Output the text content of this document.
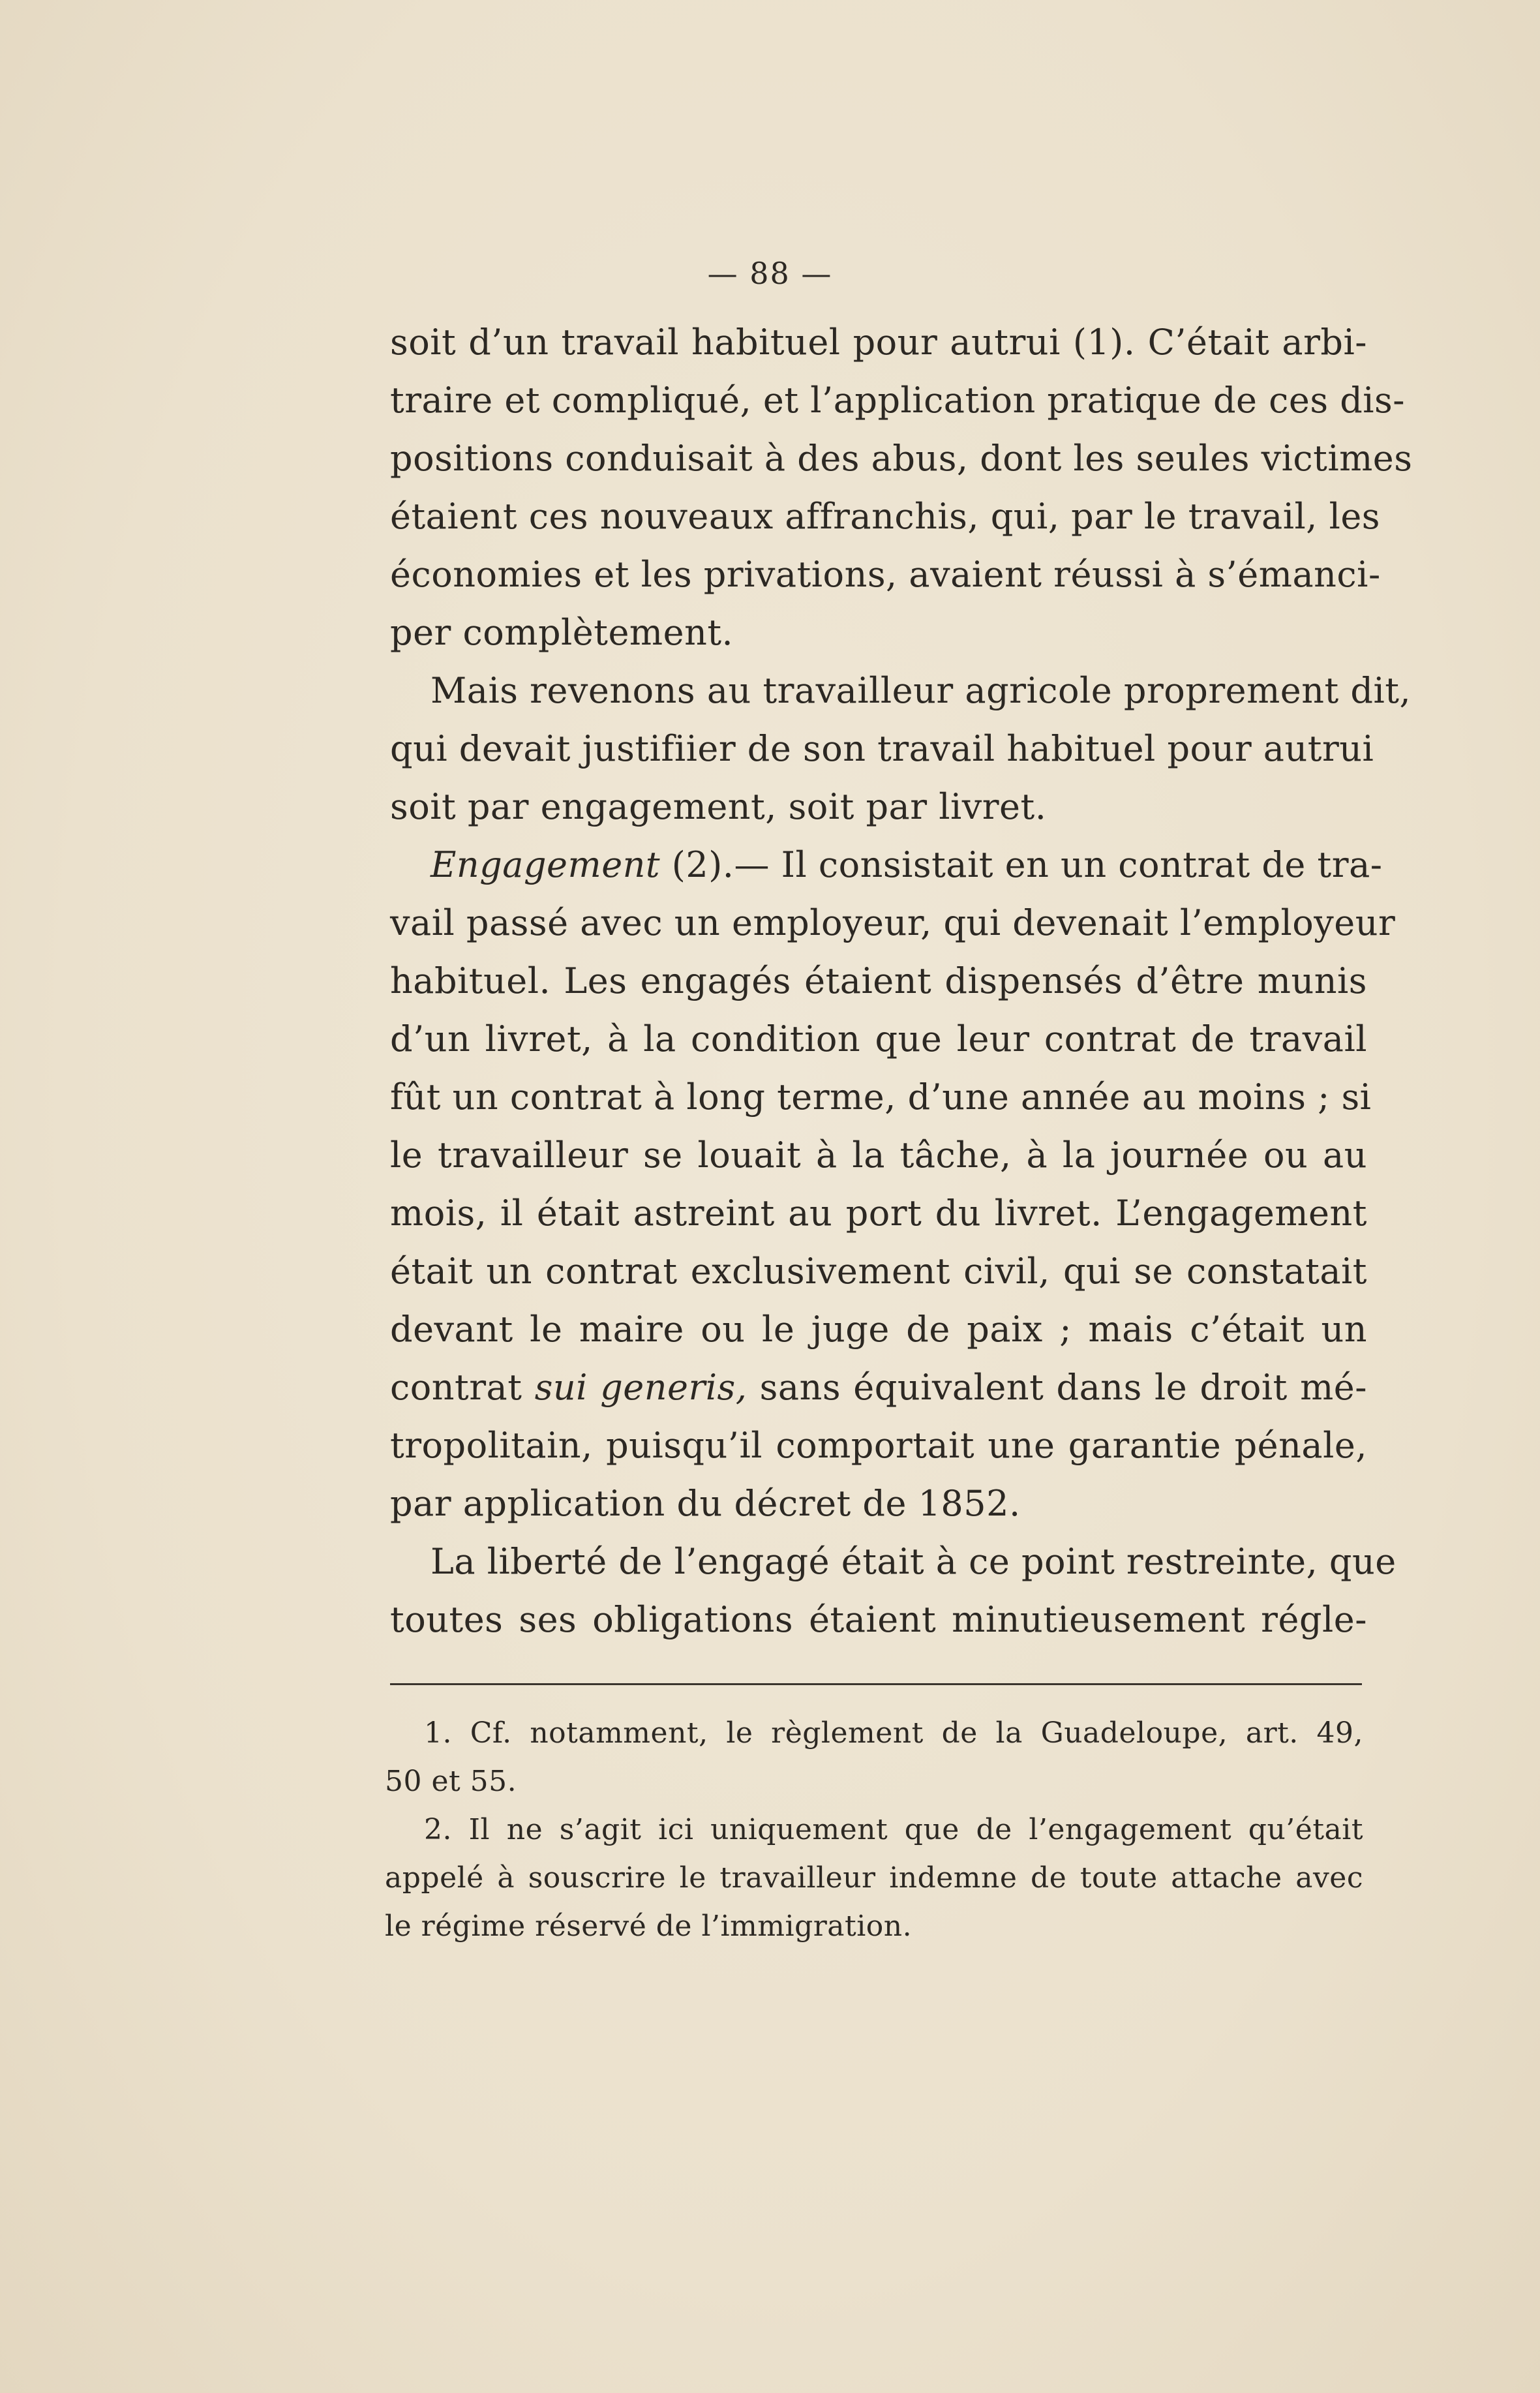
— 88 —
soit d’un travail habituel pour autrui (1). C’était arbi-
traire et compliqué, et l’application pratique de ces dis-
positions conduisait à des abus, dont les seules victimes
étaient ces nouveaux affranchis, qui, par le travail, les
économies et les privations, avaient réussi à s’émanci-
per complètement.
Mais revenons au travailleur agricole proprement dit,
qui devait justifiier de son travail habituel pour autrui
soit par engagement, soit par livret.
Engagement (2).— Il consistait en un contrat de tra-
vail passé avec un employeur, qui devenait l’employeur
habituel. Les engagés étaient dispensés d’être munis
d’un livret, à la condition que leur contrat de travail
fût un contrat à long terme, d’une année au moins ; si
le travailleur se louait à la tâche, à la journée ou au
mois, il était astreint au port du livret. L’engagement
était un contrat exclusivement civil, qui se constatait
devant le maire ou le juge de paix ; mais c’était un
contrat sui generis, sans équivalent dans le droit mé-
tropolitain, puisqu’il comportait une garantie pénale,
par application du décret de 1852.
La liberté de l’engagé était à ce point restreinte, que
toutes ses obligations étaient minutieusement régle-
1. Cf. notamment, le règlement de la Guadeloupe, art. 49,
50 et 55.
2. Il ne s’agit ici uniquement que de l’engagement qu’était
appelé à souscrire le travailleur indemne de toute attache avec
le régime réservé de l’immigration.
